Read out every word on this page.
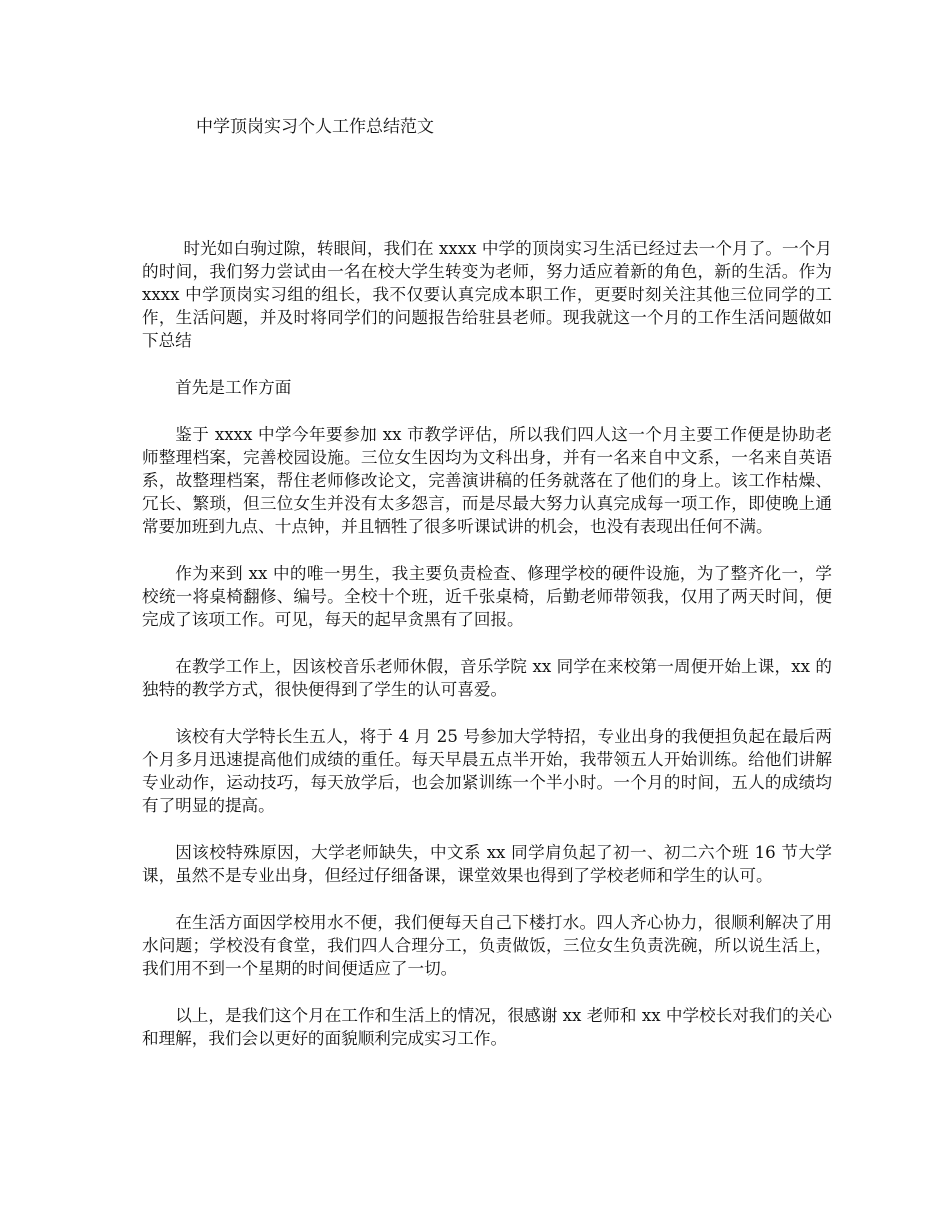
中学顶岗实习个人工作总结范文

时光如白驹过隙，转眼间，我们在 xxxx 中学的顶岗实习生活已经过去一个月了。一个月的时间，我们努力尝试由一名在校大学生转变为老师，努力适应着新的角色，新的生活。作为 xxxx 中学顶岗实习组的组长，我不仅要认真完成本职工作，更要时刻关注其他三位同学的工作，生活问题，并及时将同学们的问题报告给驻县老师。现我就这一个月的工作生活问题做如下总结

首先是工作方面

鉴于 xxxx 中学今年要参加 xx 市教学评估，所以我们四人这一个月主要工作便是协助老师整理档案，完善校园设施。三位女生因均为文科出身，并有一名来自中文系，一名来自英语系，故整理档案，帮住老师修改论文，完善演讲稿的任务就落在了他们的身上。该工作枯燥、冗长、繁琐，但三位女生并没有太多怨言，而是尽最大努力认真完成每一项工作，即使晚上通常要加班到九点、十点钟，并且牺牲了很多听课试讲的机会，也没有表现出任何不满。

作为来到 xx 中的唯一男生，我主要负责检查、修理学校的硬件设施，为了整齐化一，学校统一将桌椅翻修、编号。全校十个班，近千张桌椅，后勤老师带领我，仅用了两天时间，便完成了该项工作。可见，每天的起早贪黑有了回报。

在教学工作上，因该校音乐老师休假，音乐学院 xx 同学在来校第一周便开始上课，xx 的独特的教学方式，很快便得到了学生的认可喜爱。

该校有大学特长生五人，将于 4 月 25 号参加大学特招，专业出身的我便担负起在最后两个月多月迅速提高他们成绩的重任。每天早晨五点半开始，我带领五人开始训练。给他们讲解专业动作，运动技巧，每天放学后，也会加紧训练一个半小时。一个月的时间，五人的成绩均有了明显的提高。

因该校特殊原因，大学老师缺失，中文系 xx 同学肩负起了初一、初二六个班 16 节大学课，虽然不是专业出身，但经过仔细备课，课堂效果也得到了学校老师和学生的认可。

在生活方面因学校用水不便，我们便每天自己下楼打水。四人齐心协力，很顺利解决了用水问题；学校没有食堂，我们四人合理分工，负责做饭，三位女生负责洗碗，所以说生活上，我们用不到一个星期的时间便适应了一切。

以上，是我们这个月在工作和生活上的情况，很感谢 xx 老师和 xx 中学校长对我们的关心和理解，我们会以更好的面貌顺利完成实习工作。
